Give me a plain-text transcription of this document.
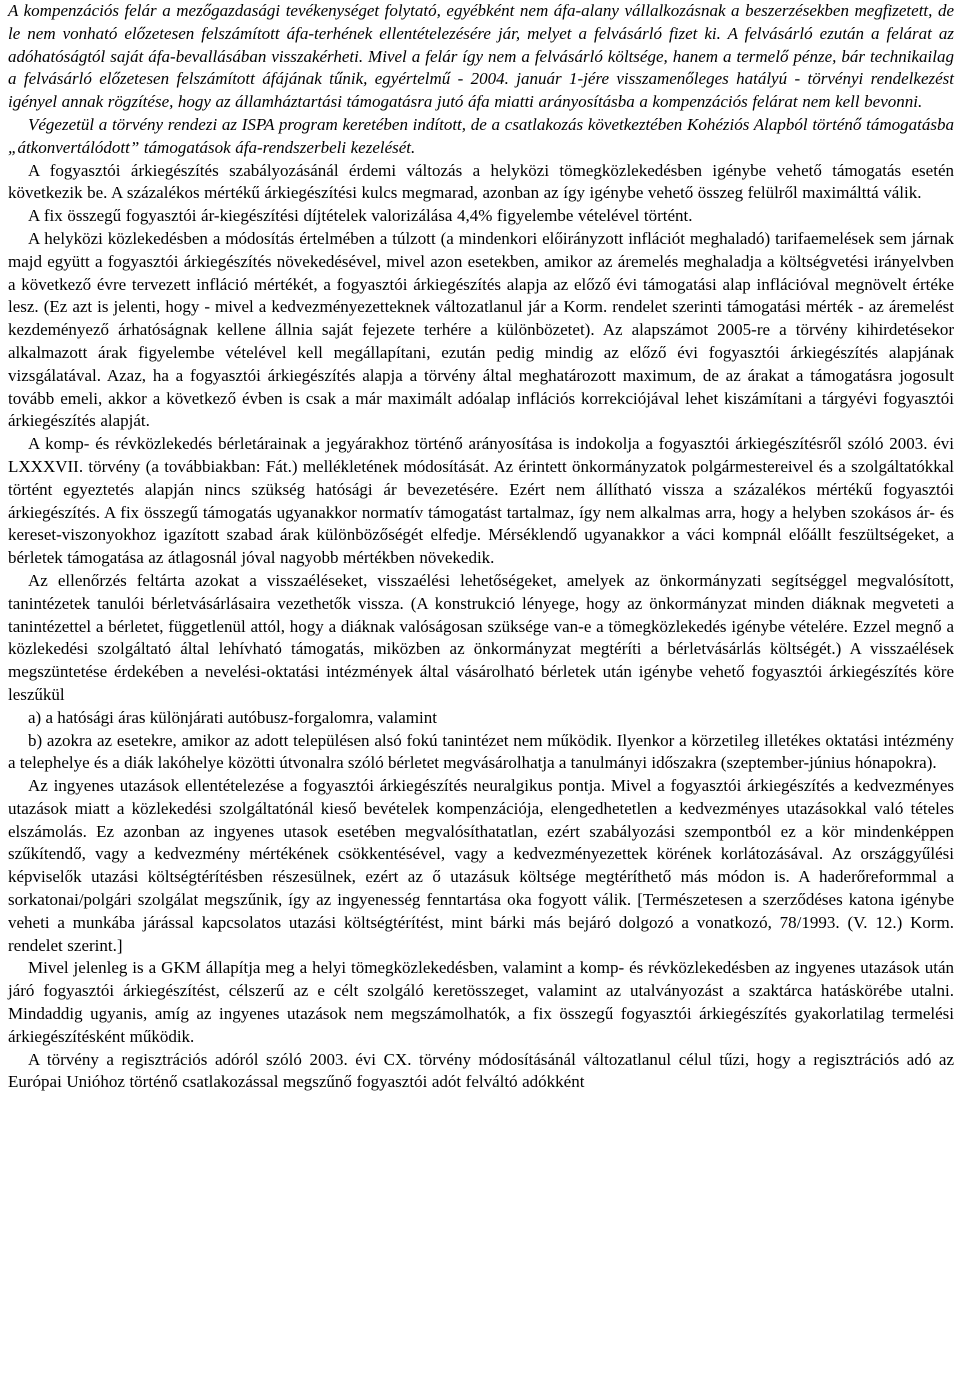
A kompenzációs felár a mezőgazdasági tevékenységet folytató, egyébként nem áfa-alany vállalkozásnak a beszerzésekben megfizetett, de le nem vonható előzetesen felszámított áfa-terhének ellentételezésére jár, melyet a felvásárló fizet ki. A felvásárló ezután a felárat az adóhatóságtól saját áfa-bevallásában visszakérheti. Mivel a felár így nem a felvásárló költsége, hanem a termelő pénze, bár technikailag a felvásárló előzetesen felszámított áfájának tűnik, egyértelmű - 2004. január 1-jére visszamenőleges hatályú - törvényi rendelkezést igényel annak rögzítése, hogy az államháztartási támogatásra jutó áfa miatti arányosításba a kompenzációs felárat nem kell bevonni.

Végezetül a törvény rendezi az ISPA program keretében indított, de a csatlakozás következtében Kohéziós Alapból történő támogatásba „átkonvertálódott” támogatások áfa-rendszerbeli kezelését.

A fogyasztói árkiegészítés szabályozásánál érdemi változás a helyközi tömegközlekedésben igénybe vehető támogatás esetén következik be. A százalékos mértékű árkiegészítési kulcs megmarad, azonban az így igénybe vehető összeg felülről maximálttá válik.

A fix összegű fogyasztói ár-kiegészítési díjtételek valorizálása 4,4% figyelembe vételével történt.

A helyközi közlekedésben a módosítás értelmében a túlzott (a mindenkori előirányzott inflációt meghaladó) tarifaemelések sem járnak majd együtt a fogyasztói árkiegészítés növekedésével, mivel azon esetekben, amikor az áremelés meghaladja a költségvetési irányelvben a következő évre tervezett infláció mértékét, a fogyasztói árkiegészítés alapja az előző évi támogatási alap inflációval megnövelt értéke lesz. (Ez azt is jelenti, hogy - mivel a kedvezményezetteknek változatlanul jár a Korm. rendelet szerinti támogatási mérték - az áremelést kezdeményező árhatóságnak kellene állnia saját fejezete terhére a különbözetet). Az alapszámot 2005-re a törvény kihirdetésekor alkalmazott árak figyelembe vételével kell megállapítani, ezután pedig mindig az előző évi fogyasztói árkiegészítés alapjának vizsgálatával. Azaz, ha a fogyasztói árkiegészítés alapja a törvény által meghatározott maximum, de az árakat a támogatásra jogosult tovább emeli, akkor a következő évben is csak a már maximált adóalap inflációs korrekciójával lehet kiszámítani a tárgyévi fogyasztói árkiegészítés alapját.

A komp- és révközlekedés bérletárainak a jegyárakhoz történő arányosítása is indokolja a fogyasztói árkiegészítésről szóló 2003. évi LXXXVII. törvény (a továbbiakban: Fát.) mellékletének módosítását. Az érintett önkormányzatok polgármestereivel és a szolgáltatókkal történt egyeztetés alapján nincs szükség hatósági ár bevezetésére. Ezért nem állítható vissza a százalékos mértékű fogyasztói árkiegészítés. A fix összegű támogatás ugyanakkor normatív támogatást tartalmaz, így nem alkalmas arra, hogy a helyben szokásos ár- és kereset-viszonyokhoz igazított szabad árak különbözőségét elfedje. Mérséklendő ugyanakkor a váci kompnál előállt feszültségeket, a bérletek támogatása az átlagosnál jóval nagyobb mértékben növekedik.

Az ellenőrzés feltárta azokat a visszaéléseket, visszaélési lehetőségeket, amelyek az önkormányzati segítséggel megvalósított, tanintézetek tanulói bérletvásárlásaira vezethetők vissza. (A konstrukció lényege, hogy az önkormányzat minden diáknak megveteti a tanintézettel a bérletet, függetlenül attól, hogy a diáknak valóságosan szüksége van-e a tömegközlekedés igénybe vételére. Ezzel megnő a közlekedési szolgáltató által lehívható támogatás, miközben az önkormányzat megtéríti a bérletvásárlás költségét.) A visszaélések megszüntetése érdekében a nevelési-oktatási intézmények által vásárolható bérletek után igénybe vehető fogyasztói árkiegészítés köre leszűkül

a) a hatósági áras különjárati autóbusz-forgalomra, valamint

b) azokra az esetekre, amikor az adott településen alsó fokú tanintézet nem működik. Ilyenkor a körzetileg illetékes oktatási intézmény a telephelye és a diák lakóhelye közötti útvonalra szóló bérletet megvásárolhatja a tanulmányi időszakra (szeptember-június hónapokra).

Az ingyenes utazások ellentételezése a fogyasztói árkiegészítés neuralgikus pontja. Mivel a fogyasztói árkiegészítés a kedvezményes utazások miatt a közlekedési szolgáltatónál kieső bevételek kompenzációja, elengedhetetlen a kedvezményes utazásokkal való tételes elszámolás. Ez azonban az ingyenes utasok esetében megvalósíthatatlan, ezért szabályozási szempontból ez a kör mindenképpen szűkítendő, vagy a kedvezmény mértékének csökkentésével, vagy a kedvezményezettek körének korlátozásával. Az országgyűlési képviselők utazási költségtérítésben részesülnek, ezért az ő utazásuk költsége megtéríthető más módon is. A haderőreformmal a sorkatonai/polgári szolgálat megszűnik, így az ingyenesség fenntartása oka fogyott válik. [Természetesen a szerződéses katona igénybe veheti a munkába járással kapcsolatos utazási költségtérítést, mint bárki más bejáró dolgozó a vonatkozó, 78/1993. (V. 12.) Korm. rendelet szerint.]

Mivel jelenleg is a GKM állapítja meg a helyi tömegközlekedésben, valamint a komp- és révközlekedésben az ingyenes utazások után járó fogyasztói árkiegészítést, célszerű az e célt szolgáló keretösszeget, valamint az utalványozást a szaktárca hatáskörébe utalni. Mindaddig ugyanis, amíg az ingyenes utazások nem megszámolhatók, a fix összegű fogyasztói árkiegészítés gyakorlatilag termelési árkiegészítésként működik.

A törvény a regisztrációs adóról szóló 2003. évi CX. törvény módosításánál változatlanul célul tűzi, hogy a regisztrációs adó az Európai Unióhoz történő csatlakozással megszűnő fogyasztói adót felváltó adókként
